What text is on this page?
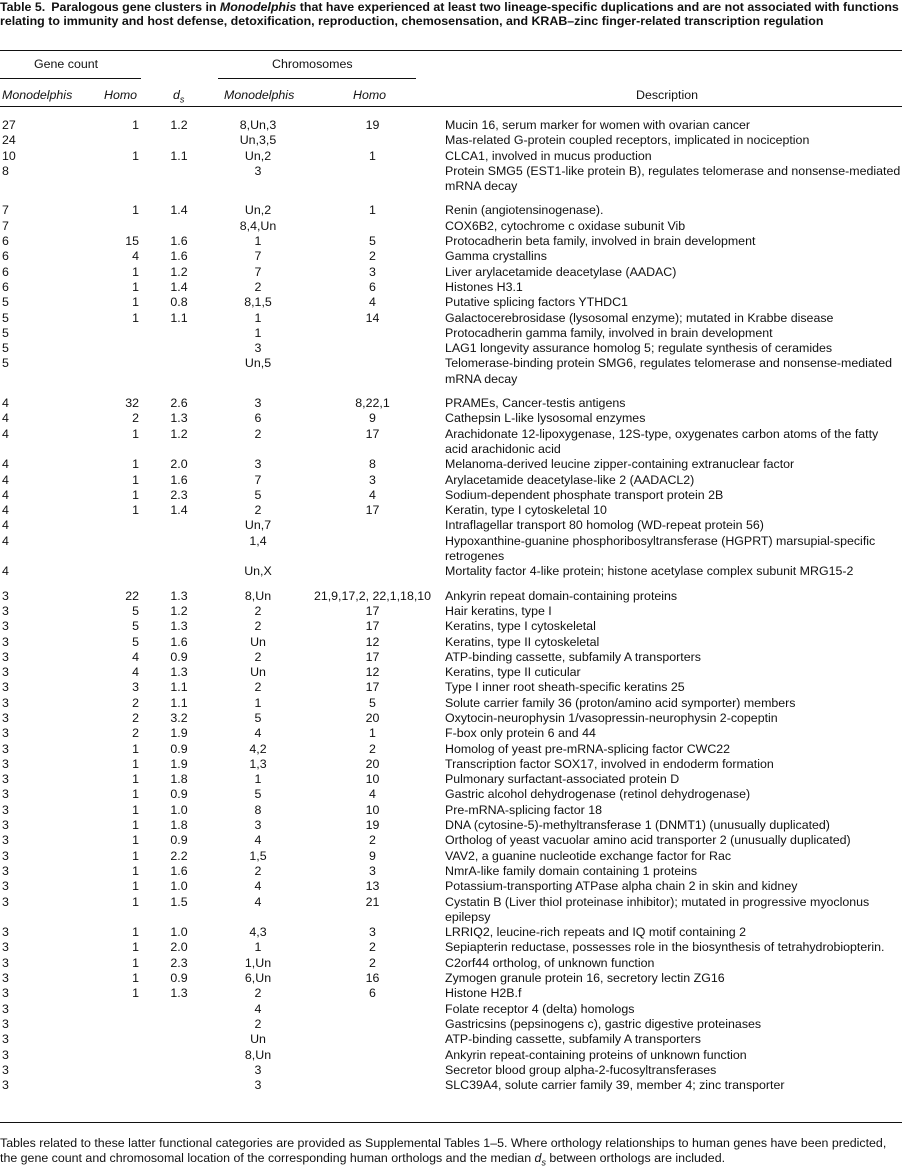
Table 5. Paralogous gene clusters in Monodelphis that have experienced at least two lineage-specific duplications and are not associated with functions relating to immunity and host defense, detoxification, reproduction, chemosensation, and KRAB–zinc finger-related transcription regulation
Gene count	Chromosomes
Monodelphis	Homo	$d_s$	Monodelphis	Homo	Description
27	1	1.2	8,Un,3	19	Mucin 16, serum marker for women with ovarian cancer
24			Un,3,5		Mas-related G-protein coupled receptors, implicated in nociception
10	1	1.1	Un,2	1	CLCA1, involved in mucus production
8			3		Protein SMG5 (EST1-like protein B), regulates telomerase and nonsense-mediated mRNA decay
7	1	1.4	Un,2	1	Renin (angiotensinogenase).
7			8,4,Un		COX6B2, cytochrome c oxidase subunit Vib
6	15	1.6	1	5	Protocadherin beta family, involved in brain development
6	4	1.6	7	2	Gamma crystallins
6	1	1.2	7	3	Liver arylacetamide deacetylase (AADAC)
6	1	1.4	2	6	Histones H3.1
5	1	0.8	8,1,5	4	Putative splicing factors YTHDC1
5	1	1.1	1	14	Galactocerebrosidase (lysosomal enzyme); mutated in Krabbe disease
5			1		Protocadherin gamma family, involved in brain development
5			3		LAG1 longevity assurance homolog 5; regulate synthesis of ceramides
5			Un,5		Telomerase-binding protein SMG6, regulates telomerase and nonsense-mediated mRNA decay
4	32	2.6	3	8,22,1	PRAMEs, Cancer-testis antigens
4	2	1.3	6	9	Cathepsin L-like lysosomal enzymes
4	1	1.2	2	17	Arachidonate 12-lipoxygenase, 12S-type, oxygenates carbon atoms of the fatty acid arachidonic acid
4	1	2.0	3	8	Melanoma-derived leucine zipper-containing extranuclear factor
4	1	1.6	7	3	Arylacetamide deacetylase-like 2 (AADACL2)
4	1	2.3	5	4	Sodium-dependent phosphate transport protein 2B
4	1	1.4	2	17	Keratin, type I cytoskeletal 10
4			Un,7		Intraflagellar transport 80 homolog (WD-repeat protein 56)
4			1,4		Hypoxanthine-guanine phosphoribosyltransferase (HGPRT) marsupial-specific retrogenes
4			Un,X		Mortality factor 4-like protein; histone acetylase complex subunit MRG15-2
3	22	1.3	8,Un	21,9,17,2, 22,1,18,10	Ankyrin repeat domain-containing proteins
3	5	1.2	2	17	Hair keratins, type I
3	5	1.3	2	17	Keratins, type I cytoskeletal
3	5	1.6	Un	12	Keratins, type II cytoskeletal
3	4	0.9	2	17	ATP-binding cassette, subfamily A transporters
3	4	1.3	Un	12	Keratins, type II cuticular
3	3	1.1	2	17	Type I inner root sheath-specific keratins 25
3	2	1.1	1	5	Solute carrier family 36 (proton/amino acid symporter) members
3	2	3.2	5	20	Oxytocin-neurophysin 1/vasopressin-neurophysin 2-copeptin
3	2	1.9	4	1	F-box only protein 6 and 44
3	1	0.9	4,2	2	Homolog of yeast pre-mRNA-splicing factor CWC22
3	1	1.9	1,3	20	Transcription factor SOX17, involved in endoderm formation
3	1	1.8	1	10	Pulmonary surfactant-associated protein D
3	1	0.9	5	4	Gastric alcohol dehydrogenase (retinol dehydrogenase)
3	1	1.0	8	10	Pre-mRNA-splicing factor 18
3	1	1.8	3	19	DNA (cytosine-5)-methyltransferase 1 (DNMT1) (unusually duplicated)
3	1	0.9	4	2	Ortholog of yeast vacuolar amino acid transporter 2 (unusually duplicated)
3	1	2.2	1,5	9	VAV2, a guanine nucleotide exchange factor for Rac
3	1	1.6	2	3	NmrA-like family domain containing 1 proteins
3	1	1.0	4	13	Potassium-transporting ATPase alpha chain 2 in skin and kidney
3	1	1.5	4	21	Cystatin B (Liver thiol proteinase inhibitor); mutated in progressive myoclonus epilepsy
3	1	1.0	4,3	3	LRRIQ2, leucine-rich repeats and IQ motif containing 2
3	1	2.0	1	2	Sepiapterin reductase, possesses role in the biosynthesis of tetrahydrobiopterin.
3	1	2.3	1,Un	2	C2orf44 ortholog, of unknown function
3	1	0.9	6,Un	16	Zymogen granule protein 16, secretory lectin ZG16
3	1	1.3	2	6	Histone H2B.f
3			4		Folate receptor 4 (delta) homologs
3			2		Gastricsins (pepsinogens c), gastric digestive proteinases
3			Un		ATP-binding cassette, subfamily A transporters
3			8,Un		Ankyrin repeat-containing proteins of unknown function
3			3		Secretor blood group alpha-2-fucosyltransferases
3			3		SLC39A4, solute carrier family 39, member 4; zinc transporter
Tables related to these latter functional categories are provided as Supplemental Tables 1–5. Where orthology relationships to human genes have been predicted, the gene count and chromosomal location of the corresponding human orthologs and the median $d_s$ between orthologs are included.
